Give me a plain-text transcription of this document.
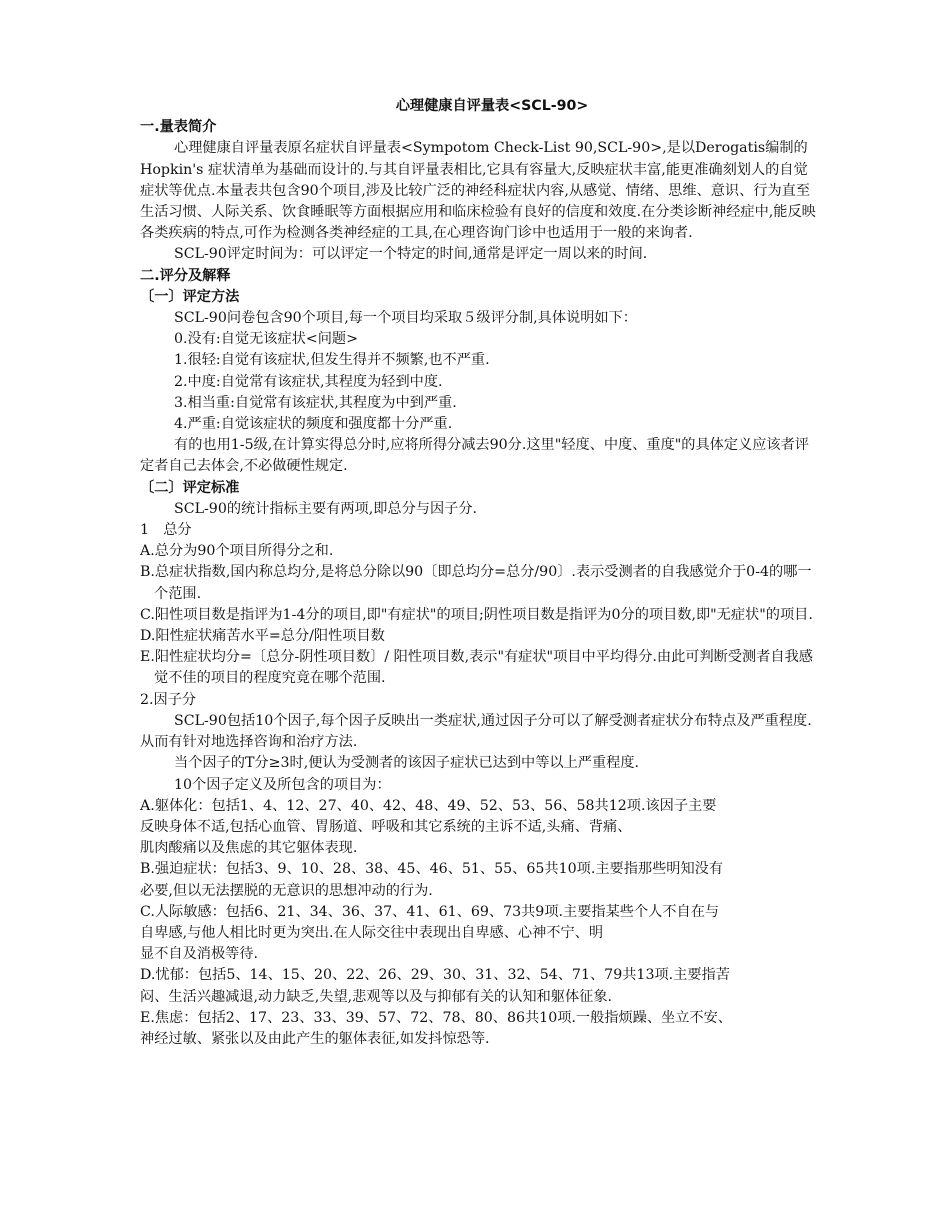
心理健康自评量表<SCL-90>
一.量表简介

心理健康自评量表原名症状自评量表<Sympotom Check-List 90,SCL-90>,是以Derogatis编制的Hopkin's 症状清单为基础而设计的.与其自评量表相比,它具有容量大,反映症状丰富,能更准确刻划人的自觉症状等优点.本量表共包含90个项目,涉及比较广泛的神经科症状内容,从感觉、情绪、思维、意识、行为直至生活习惯、人际关系、饮食睡眠等方面根据应用和临床检验有良好的信度和效度.在分类诊断神经症中,能反映各类疾病的特点,可作为检测各类神经症的工具,在心理咨询门诊中也适用于一般的来询者.

SCL-90评定时间为：可以评定一个特定的时间,通常是评定一周以来的时间.

二.评分及解释
〔一〕评定方法

SCL-90问卷包含90个项目,每一个项目均采取５级评分制,具体说明如下：

0.没有:自觉无该症状<问题>
1.很轻:自觉有该症状,但发生得并不频繁,也不严重.
2.中度:自觉常有该症状,其程度为轻到中度.
3.相当重:自觉常有该症状,其程度为中到严重.
4.严重:自觉该症状的频度和强度都十分严重.

有的也用1-5级,在计算实得总分时,应将所得分减去90分.这里"轻度、中度、重度"的具体定义应该者评定者自己去体会,不必做硬性规定.

〔二〕评定标准

SCL-90的统计指标主要有两项,即总分与因子分.

1　总分
A.总分为90个项目所得分之和.
B.总症状指数,国内称总均分,是将总分除以90〔即总均分=总分/90〕.表示受测者的自我感觉介于0-4的哪一个范围.
C.阳性项目数是指评为1-4分的项目,即"有症状"的项目;阴性项目数是指评为0分的项目数,即"无症状"的项目.
D.阳性症状痛苦水平=总分/阳性项目数
E.阳性症状均分=〔总分-阴性项目数〕/ 阳性项目数,表示"有症状"项目中平均得分.由此可判断受测者自我感觉不佳的项目的程度究竟在哪个范围.
2.因子分

SCL-90包括10个因子,每个因子反映出一类症状,通过因子分可以了解受测者症状分布特点及严重程度.从而有针对地选择咨询和治疗方法.

当个因子的T分≥3时,便认为受测者的该因子症状已达到中等以上严重程度.

10个因子定义及所包含的项目为：

A.躯体化：包括1、4、12、27、40、42、48、49、52、53、56、58共12项.该因子主要
反映身体不适,包括心血管、胃肠道、呼吸和其它系统的主诉不适,头痛、背痛、
肌肉酸痛以及焦虑的其它躯体表现.
B.强迫症状：包括3、9、10、28、38、45、46、51、55、65共10项.主要指那些明知没有
必要,但以无法摆脱的无意识的思想冲动的行为.
C.人际敏感：包括6、21、34、36、37、41、61、69、73共9项.主要指某些个人不自在与
自卑感,与他人相比时更为突出.在人际交往中表现出自卑感、心神不宁、明
显不自及消极等待.
D.忧郁：包括5、14、15、20、22、26、29、30、31、32、54、71、79共13项.主要指苦
闷、生活兴趣减退,动力缺乏,失望,悲观等以及与抑郁有关的认知和躯体征象.
E.焦虑：包括2、17、23、33、39、57、72、78、80、86共10项.一般指烦躁、坐立不安、
神经过敏、紧张以及由此产生的躯体表征,如发抖惊恐等.
